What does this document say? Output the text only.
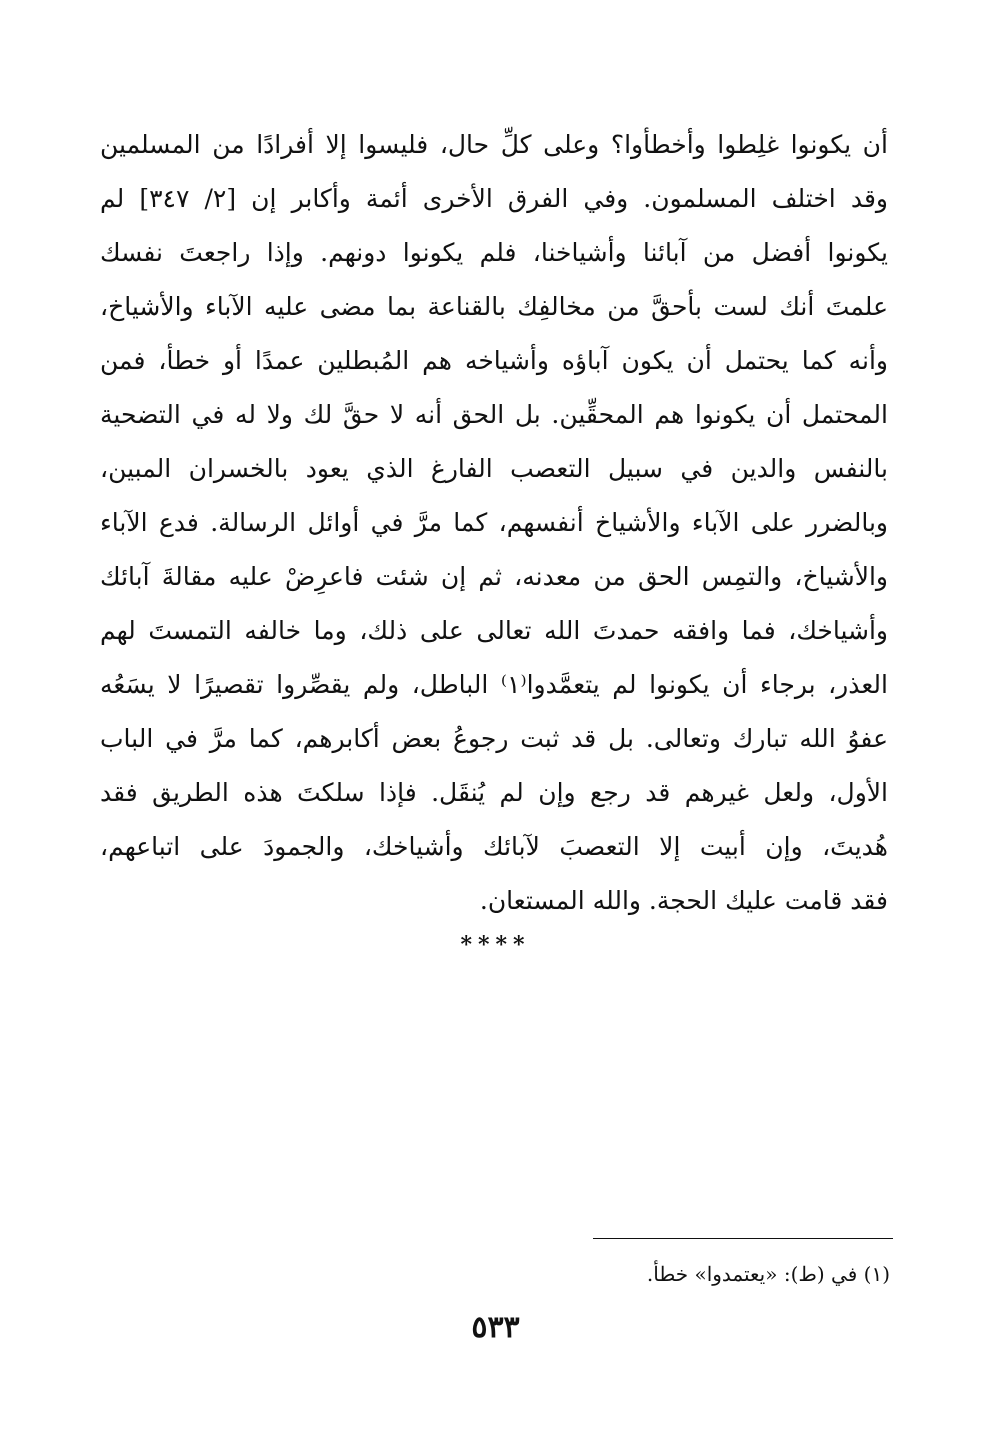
أن يكونوا غلِطوا وأخطأوا؟ وعلى كلِّ حال، فليسوا إلا أفرادًا من المسلمين
وقد اختلف المسلمون. وفي الفرق الأخرى أئمة وأكابر إن [٢/ ٣٤٧] لم
يكونوا أفضل من آبائنا وأشياخنا، فلم يكونوا دونهم. وإذا راجعتَ نفسك
علمتَ أنك لست بأحقَّ من مخالفِك بالقناعة بما مضى عليه الآباء والأشياخ،
وأنه كما يحتمل أن يكون آباؤه وأشياخه هم المُبطلين عمدًا أو خطأ، فمن
المحتمل أن يكونوا هم المحقِّين. بل الحق أنه لا حقَّ لك ولا له في التضحية
بالنفس والدين في سبيل التعصب الفارغ الذي يعود بالخسران المبين،
وبالضرر على الآباء والأشياخ أنفسهم، كما مرَّ في أوائل الرسالة. فدع الآباء
والأشياخ، والتمِس الحق من معدنه، ثم إن شئت فاعرِضْ عليه مقالةَ آبائك
وأشياخك، فما وافقه حمدتَ الله تعالى على ذلك، وما خالفه التمستَ لهم
العذر، برجاء أن يكونوا لم يتعمَّدوا⁽١⁾ الباطل، ولم يقصِّروا تقصيرًا لا يسَعُه
عفوُ الله تبارك وتعالى. بل قد ثبت رجوعُ بعض أكابرهم، كما مرَّ في الباب
الأول، ولعل غيرهم قد رجع وإن لم يُنقَل. فإذا سلكتَ هذه الطريق فقد
هُديتَ، وإن أبيت إلا التعصبَ لآبائك وأشياخك، والجمودَ على اتباعهم،
فقد قامت عليك الحجة. والله المستعان.
****
(١) في (ط): «يعتمدوا» خطأ.
٥٣٣
